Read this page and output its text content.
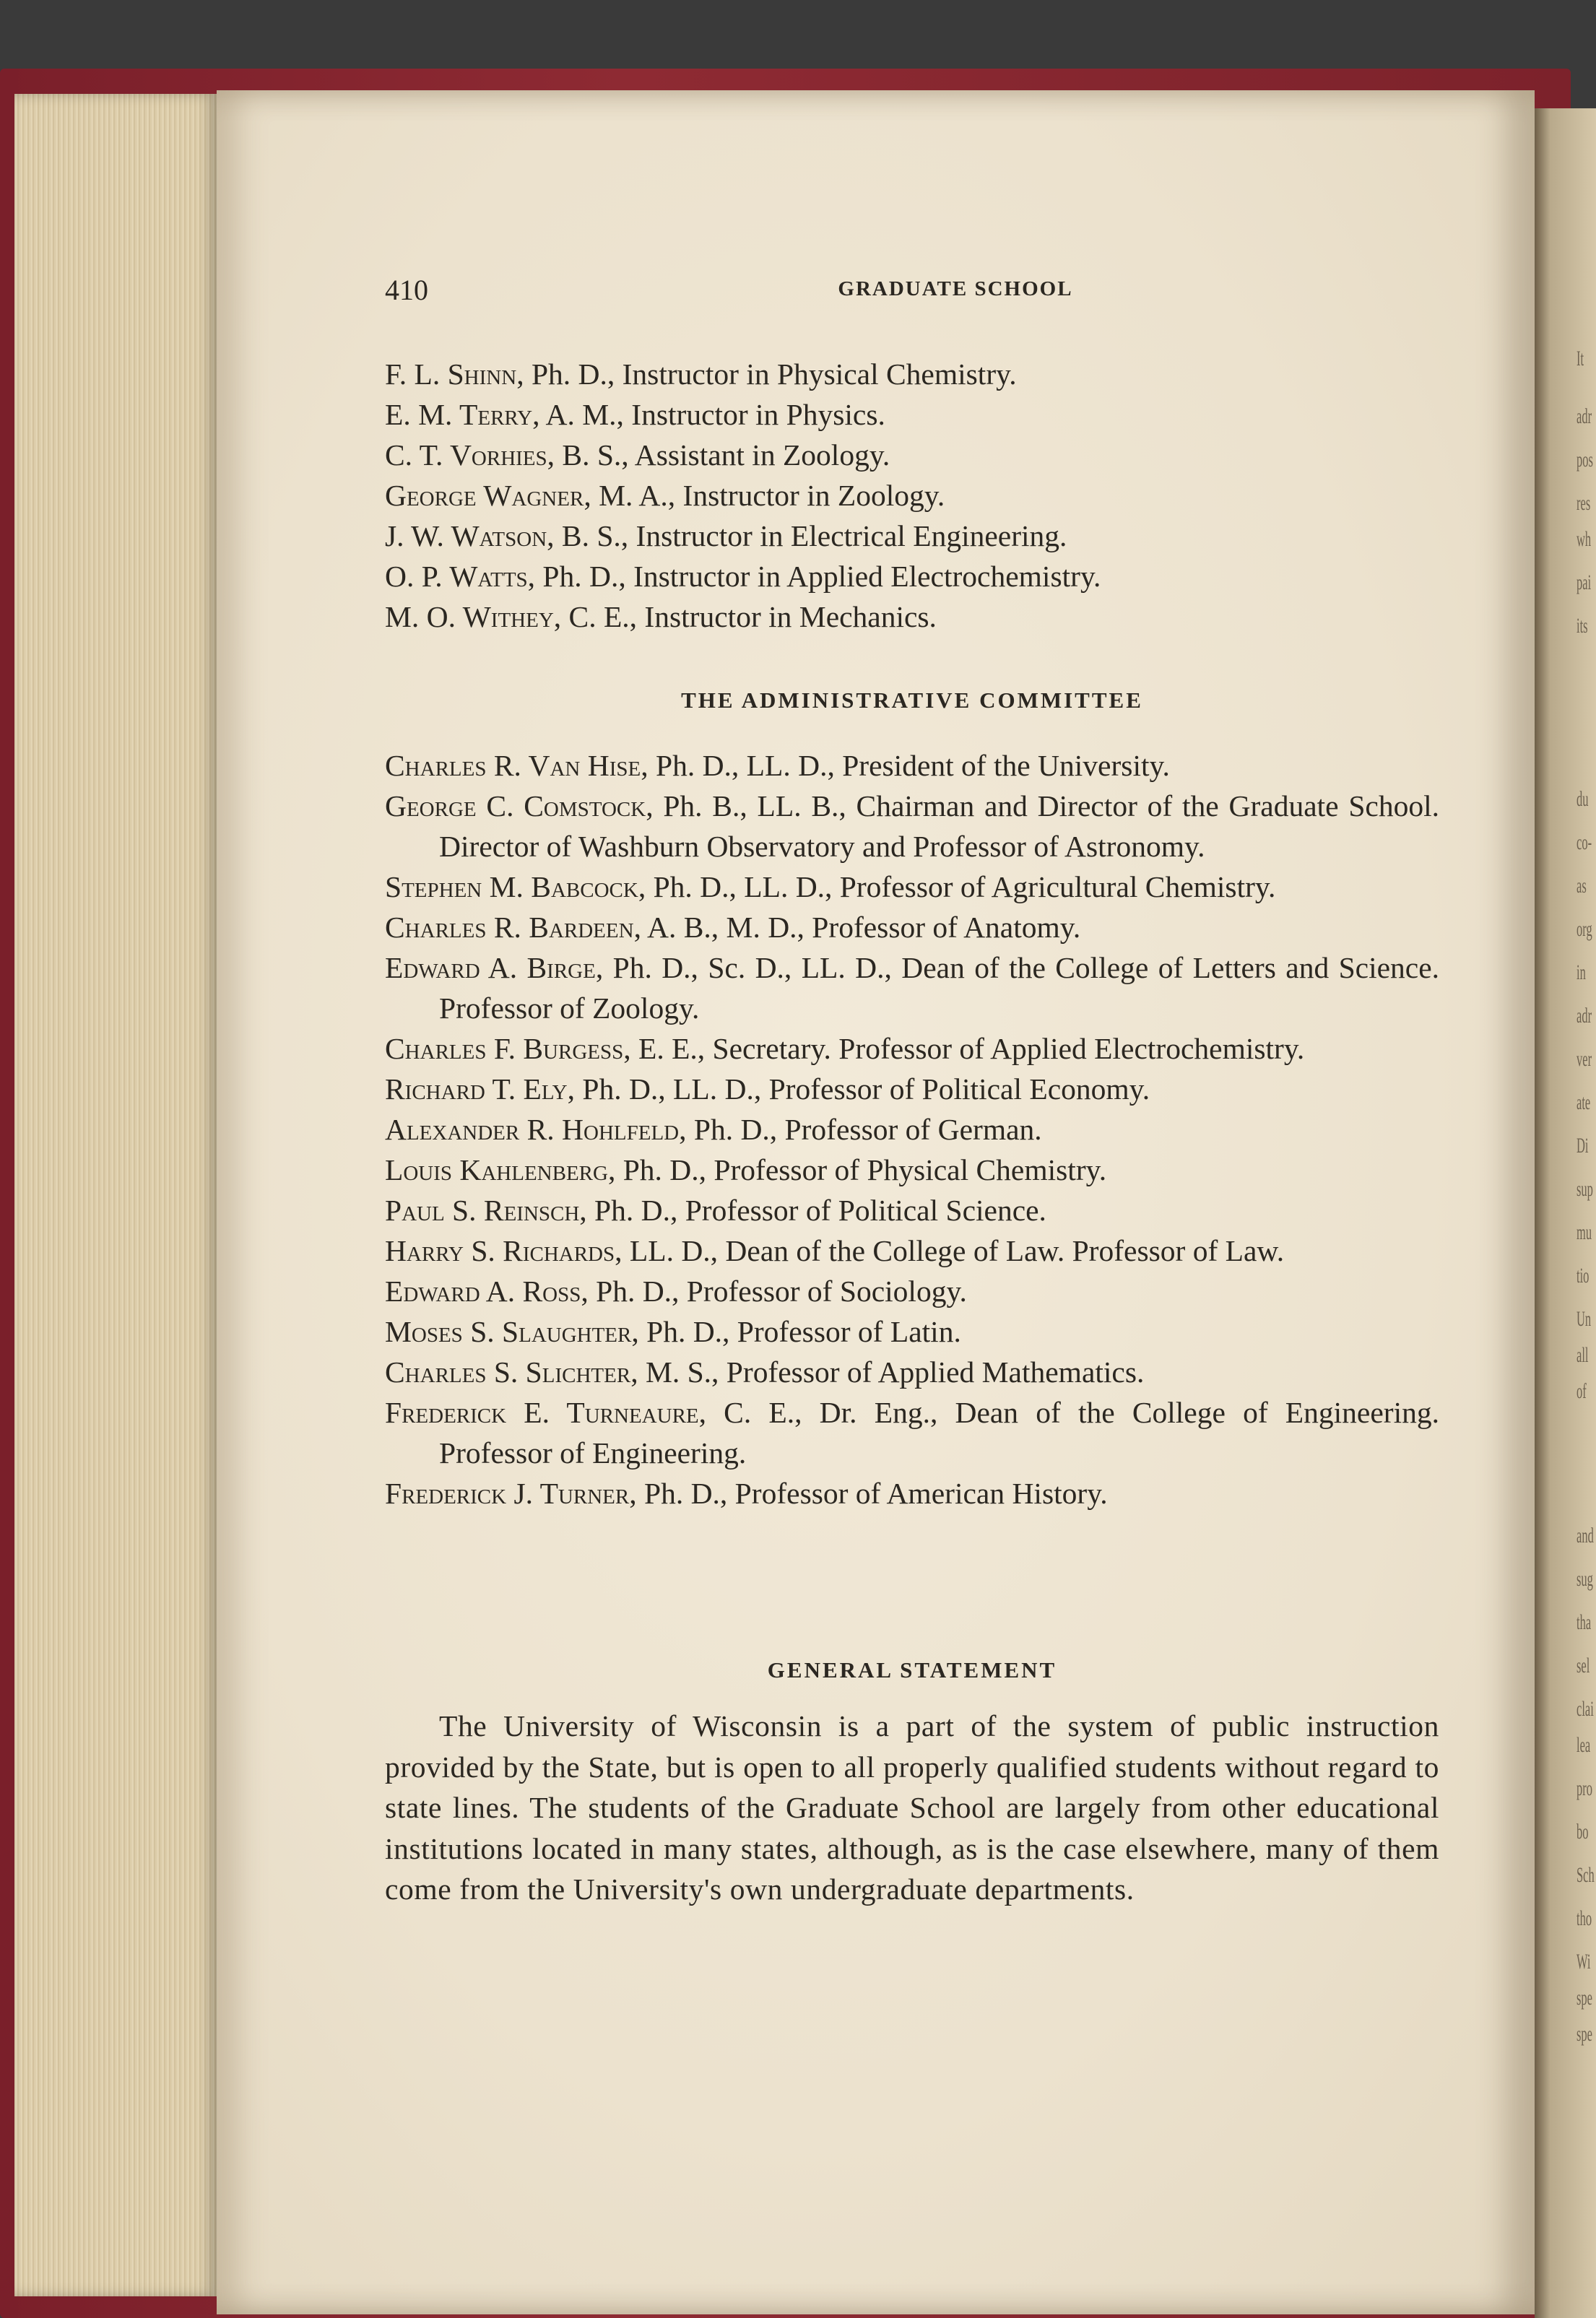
It
adr
pos
res
wh
pai
its
du
co-
as
org
in
adr
ver
ate
Di
sup
mu
tio
Un
all
of
and
sug
tha
sel
clai
lea
pro
bo
Sch
tho
Wi
spe
spe
410	GRADUATE SCHOOL
F. L. Shinn, Ph. D., Instructor in Physical Chemistry.
E. M. Terry, A. M., Instructor in Physics.
C. T. Vorhies, B. S., Assistant in Zoology.
George Wagner, M. A., Instructor in Zoology.
J. W. Watson, B. S., Instructor in Electrical Engineering.
O. P. Watts, Ph. D., Instructor in Applied Electrochemistry.
M. O. Withey, C. E., Instructor in Mechanics.
THE ADMINISTRATIVE COMMITTEE
Charles R. Van Hise, Ph. D., LL. D., President of the University.
George C. Comstock, Ph. B., LL. B., Chairman and Director of the Graduate School. Director of Washburn Observatory and Professor of Astronomy.
Stephen M. Babcock, Ph. D., LL. D., Professor of Agricultural Chemistry.
Charles R. Bardeen, A. B., M. D., Professor of Anatomy.
Edward A. Birge, Ph. D., Sc. D., LL. D., Dean of the College of Letters and Science. Professor of Zoology.
Charles F. Burgess, E. E., Secretary. Professor of Applied Electrochemistry.
Richard T. Ely, Ph. D., LL. D., Professor of Political Economy.
Alexander R. Hohlfeld, Ph. D., Professor of German.
Louis Kahlenberg, Ph. D., Professor of Physical Chemistry.
Paul S. Reinsch, Ph. D., Professor of Political Science.
Harry S. Richards, LL. D., Dean of the College of Law. Professor of Law.
Edward A. Ross, Ph. D., Professor of Sociology.
Moses S. Slaughter, Ph. D., Professor of Latin.
Charles S. Slichter, M. S., Professor of Applied Mathematics.
Frederick E. Turneaure, C. E., Dr. Eng., Dean of the College of Engineering. Professor of Engineering.
Frederick J. Turner, Ph. D., Professor of American History.
GENERAL STATEMENT
The University of Wisconsin is a part of the system of public instruction provided by the State, but is open to all properly qualified students without regard to state lines. The students of the Graduate School are largely from other educational institutions located in many states, although, as is the case elsewhere, many of them come from the University's own undergraduate departments.
